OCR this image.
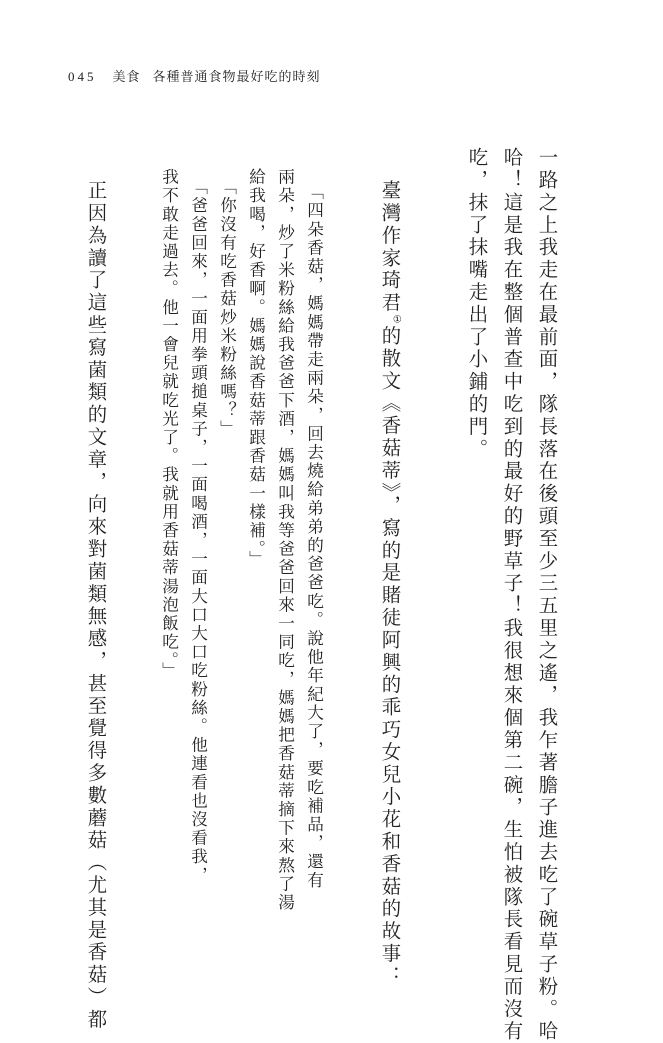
045 美食 各種普通食物最好吃的時刻
一路之上我走在最前面，隊長落在後頭至少三五里之遙，我乍著膽子進去吃了碗草子粉。哈
哈！這是我在整個普查中吃到的最好的野草子！我很想來個第二碗，生怕被隊長看見而沒有
吃，抹了抹嘴走出了小鋪的門。
臺灣作家琦君①的散文《香菇蒂》，寫的是賭徒阿興的乖巧女兒小花和香菇的故事：
「四朵香菇，媽媽帶走兩朵，回去燒給弟弟的爸爸吃。說他年紀大了，要吃補品，還有
兩朵，炒了米粉絲給我爸爸下酒，媽媽叫我等爸爸回來一同吃，媽媽把香菇蒂摘下來熬了湯
給我喝，好香啊。媽媽說香菇蒂跟香菇一樣補。」
「你沒有吃香菇炒米粉絲嗎？」
「爸爸回來，一面用拳頭搥桌子，一面喝酒，一面大口大口吃粉絲。他連看也沒看我，
我不敢走過去。他一會兒就吃光了。我就用香菇蒂湯泡飯吃。」
正因為讀了這些寫菌類的文章，向來對菌類無感，甚至覺得多數蘑菇（尤其是香菇）都
